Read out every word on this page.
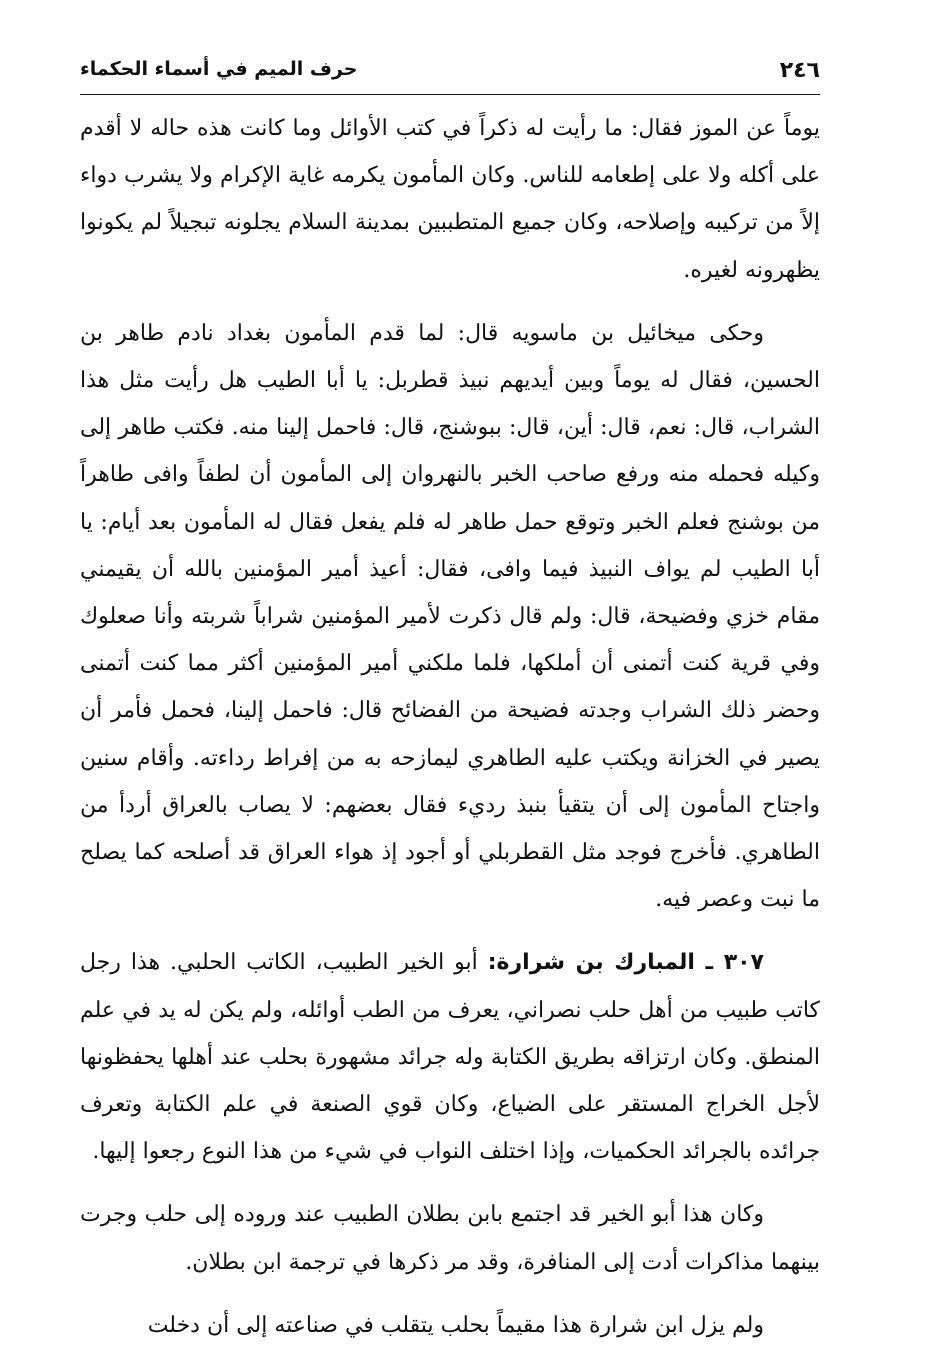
٢٤٦
حرف الميم في أسماء الحكماء

يوماً عن الموز فقال: ما رأيت له ذكراً في كتب الأوائل وما كانت هذه حاله لا أقدم على أكله ولا على إطعامه للناس. وكان المأمون يكرمه غاية الإكرام ولا يشرب دواء إلاً من تركيبه وإصلاحه، وكان جميع المتطببين بمدينة السلام يجلونه تبجيلاً لم يكونوا يظهرونه لغيره.

وحكى ميخائيل بن ماسويه قال: لما قدم المأمون بغداد نادم طاهر بن الحسين، فقال له يوماً وبين أيديهم نبيذ قطربل: يا أبا الطيب هل رأيت مثل هذا الشراب، قال: نعم، قال: أين، قال: ببوشنج، قال: فاحمل إلينا منه. فكتب طاهر إلى وكيله فحمله منه ورفع صاحب الخبر بالنهروان إلى المأمون أن لطفاً وافى طاهراً من بوشنج فعلم الخبر وتوقع حمل طاهر له فلم يفعل فقال له المأمون بعد أيام: يا أبا الطيب لم يواف النبيذ فيما وافى، فقال: أعيذ أمير المؤمنين بالله أن يقيمني مقام خزي وفضيحة، قال: ولم قال ذكرت لأمير المؤمنين شراباً شربته وأنا صعلوك وفي قرية كنت أتمنى أن أملكها، فلما ملكني أمير المؤمنين أكثر مما كنت أتمنى وحضر ذلك الشراب وجدته فضيحة من الفضائح قال: فاحمل إلينا، فحمل فأمر أن يصير في الخزانة ويكتب عليه الطاهري ليمازحه به من إفراط رداءته. وأقام سنين واجتاح المأمون إلى أن يتقيأ بنبذ رديء فقال بعضهم: لا يصاب بالعراق أردأ من الطاهري. فأخرج فوجد مثل القطربلي أو أجود إذ هواء العراق قد أصلحه كما يصلح ما نبت وعصر فيه.

٣٠٧ ـ المبارك بن شرارة: أبو الخير الطبيب، الكاتب الحلبي. هذا رجل كاتب طبيب من أهل حلب نصراني، يعرف من الطب أوائله، ولم يكن له يد في علم المنطق. وكان ارتزاقه بطريق الكتابة وله جرائد مشهورة بحلب عند أهلها يحفظونها لأجل الخراج المستقر على الضياع، وكان قوي الصنعة في علم الكتابة وتعرف جرائده بالجرائد الحكميات، وإذا اختلف النواب في شيء من هذا النوع رجعوا إليها.

وكان هذا أبو الخير قد اجتمع بابن بطلان الطبيب عند وروده إلى حلب وجرت بينهما مذاكرات أدت إلى المنافرة، وقد مر ذكرها في ترجمة ابن بطلان.

ولم يزل ابن شرارة هذا مقيماً بحلب يتقلب في صناعته إلى أن دخلت
